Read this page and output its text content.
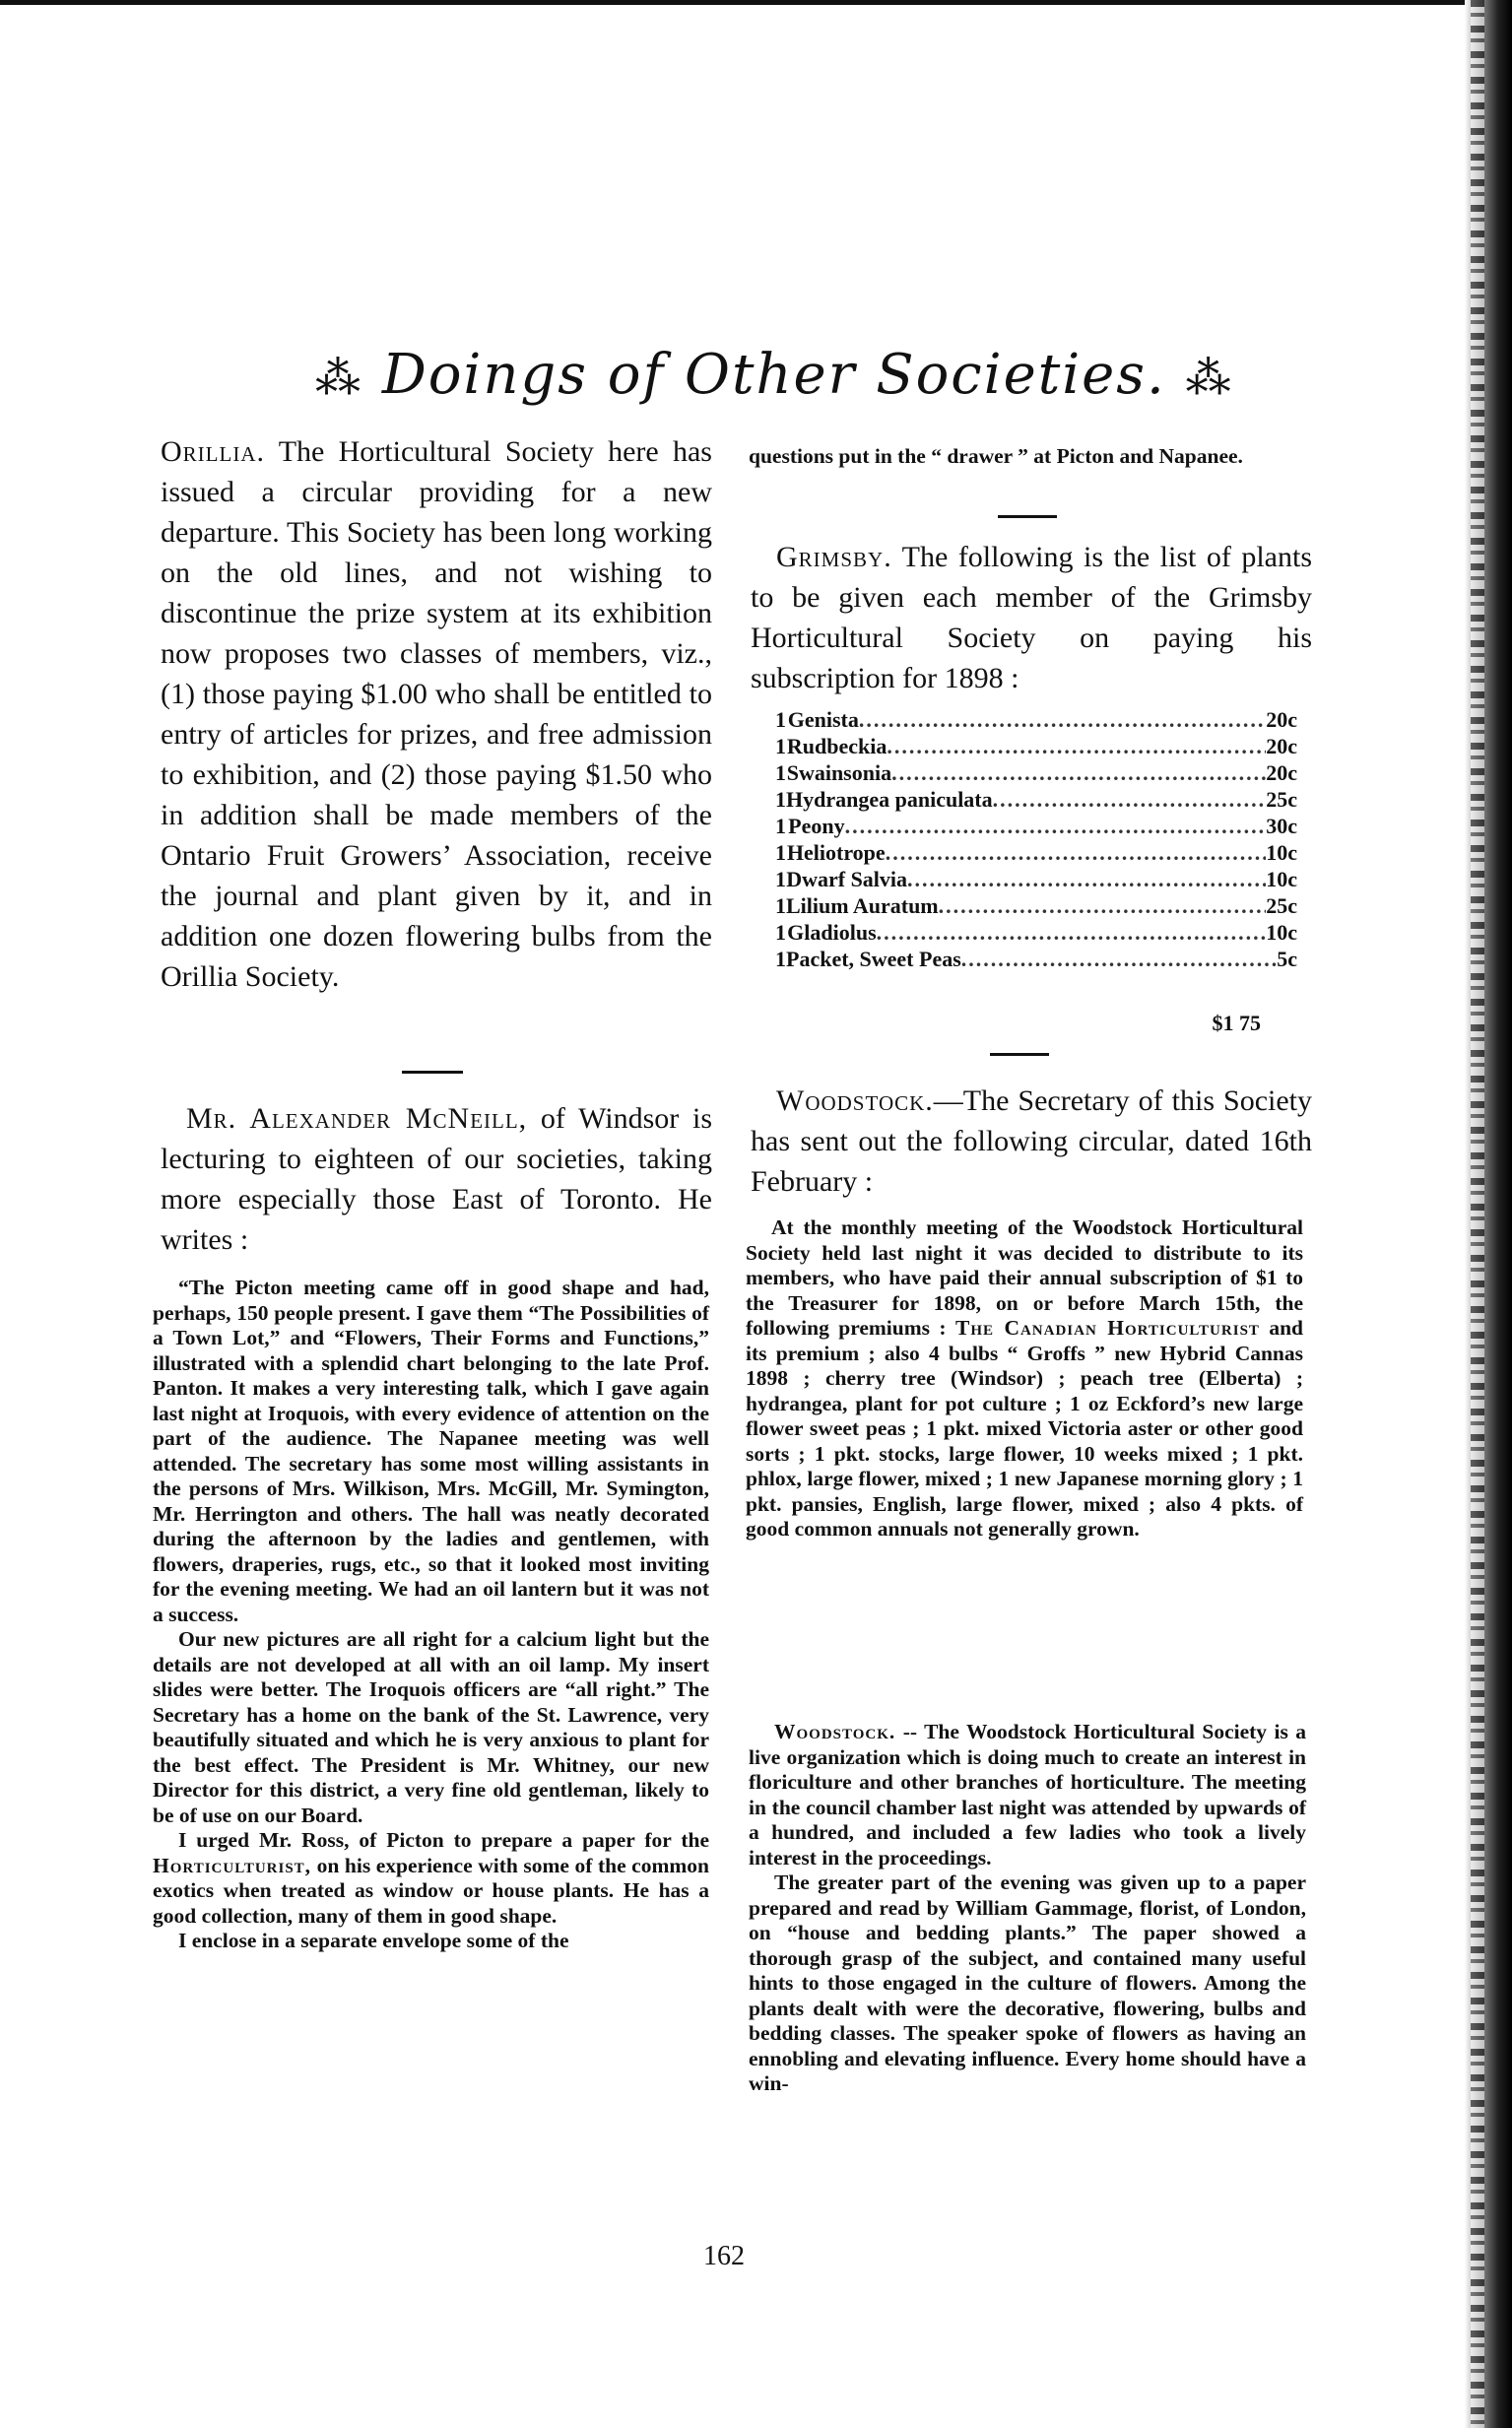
⁂ Doings of Other Societies. ⁂

Orillia. The Horticultural Society here has issued a circular providing for a new departure. This Society has been long working on the old lines, and not wishing to discontinue the prize system at its exhibition now proposes two classes of members, viz., (1) those paying $1.00 who shall be entitled to entry of articles for prizes, and free admission to exhibition, and (2) those paying $1.50 who in addition shall be made members of the Ontario Fruit Growers’ Association, receive the journal and plant given by it, and in addition one dozen flowering bulbs from the Orillia Society.

Mr. Alexander McNeill, of Windsor is lecturing to eighteen of our societies, taking more especially those East of Toronto. He writes :

“The Picton meeting came off in good shape and had, perhaps, 150 people present. I gave them “The Possibilities of a Town Lot,” and “Flowers, Their Forms and Functions,” illustrated with a splendid chart belonging to the late Prof. Panton. It makes a very interesting talk, which I gave again last night at Iroquois, with every evidence of attention on the part of the audience. The Napanee meeting was well attended. The secretary has some most willing assistants in the persons of Mrs. Wilkison, Mrs. McGill, Mr. Symington, Mr. Herrington and others. The hall was neatly decorated during the afternoon by the ladies and gentlemen, with flowers, draperies, rugs, etc., so that it looked most inviting for the evening meeting. We had an oil lantern but it was not a success.

Our new pictures are all right for a calcium light but the details are not developed at all with an oil lamp. My insert slides were better. The Iroquois officers are “all right.” The Secretary has a home on the bank of the St. Lawrence, very beautifully situated and which he is very anxious to plant for the best effect. The President is Mr. Whitney, our new Director for this district, a very fine old gentleman, likely to be of use on our Board.

I urged Mr. Ross, of Picton to prepare a paper for the Horticulturist, on his experience with some of the common exotics when treated as window or house plants. He has a good collection, many of them in good shape.

I enclose in a separate envelope some of the

questions put in the “ drawer ” at Picton and Napanee.

Grimsby. The following is the list of plants to be given each member of the Grimsby Horticultural Society on paying his subscription for 1898 :

1 Genista .....	20c
1 Rudbeckia .....	20c
1 Swainsonia .....	20c
1 Hydrangea paniculata .....	25c
1 Peony .....	30c
1 Heliotrope .....	10c
1 Dwarf Salvia .....	10c
1 Lilium Auratum .....	25c
1 Gladiolus .....	10c
1 Packet, Sweet Peas .....	5c
$1 75

Woodstock.—The Secretary of this Society has sent out the following circular, dated 16th February :

At the monthly meeting of the Woodstock Horticultural Society held last night it was decided to distribute to its members, who have paid their annual subscription of $1 to the Treasurer for 1898, on or before March 15th, the following premiums : The Canadian Horticulturist and its premium ; also 4 bulbs “ Groffs ” new Hybrid Cannas 1898 ; cherry tree (Windsor) ; peach tree (Elberta) ; hydrangea, plant for pot culture ; 1 oz Eckford’s new large flower sweet peas ; 1 pkt. mixed Victoria aster or other good sorts ; 1 pkt. stocks, large flower, 10 weeks mixed ; 1 pkt. phlox, large flower, mixed ; 1 new Japanese morning glory ; 1 pkt. pansies, English, large flower, mixed ; also 4 pkts. of good common annuals not generally grown.

Woodstock. -- The Woodstock Horticultural Society is a live organization which is doing much to create an interest in floriculture and other branches of horticulture. The meeting in the council chamber last night was attended by upwards of a hundred, and included a few ladies who took a lively interest in the proceedings.

The greater part of the evening was given up to a paper prepared and read by William Gammage, florist, of London, on “house and bedding plants.” The paper showed a thorough grasp of the subject, and contained many useful hints to those engaged in the culture of flowers. Among the plants dealt with were the decorative, flowering, bulbs and bedding classes. The speaker spoke of flowers as having an ennobling and elevating influence. Every home should have a win-

162
